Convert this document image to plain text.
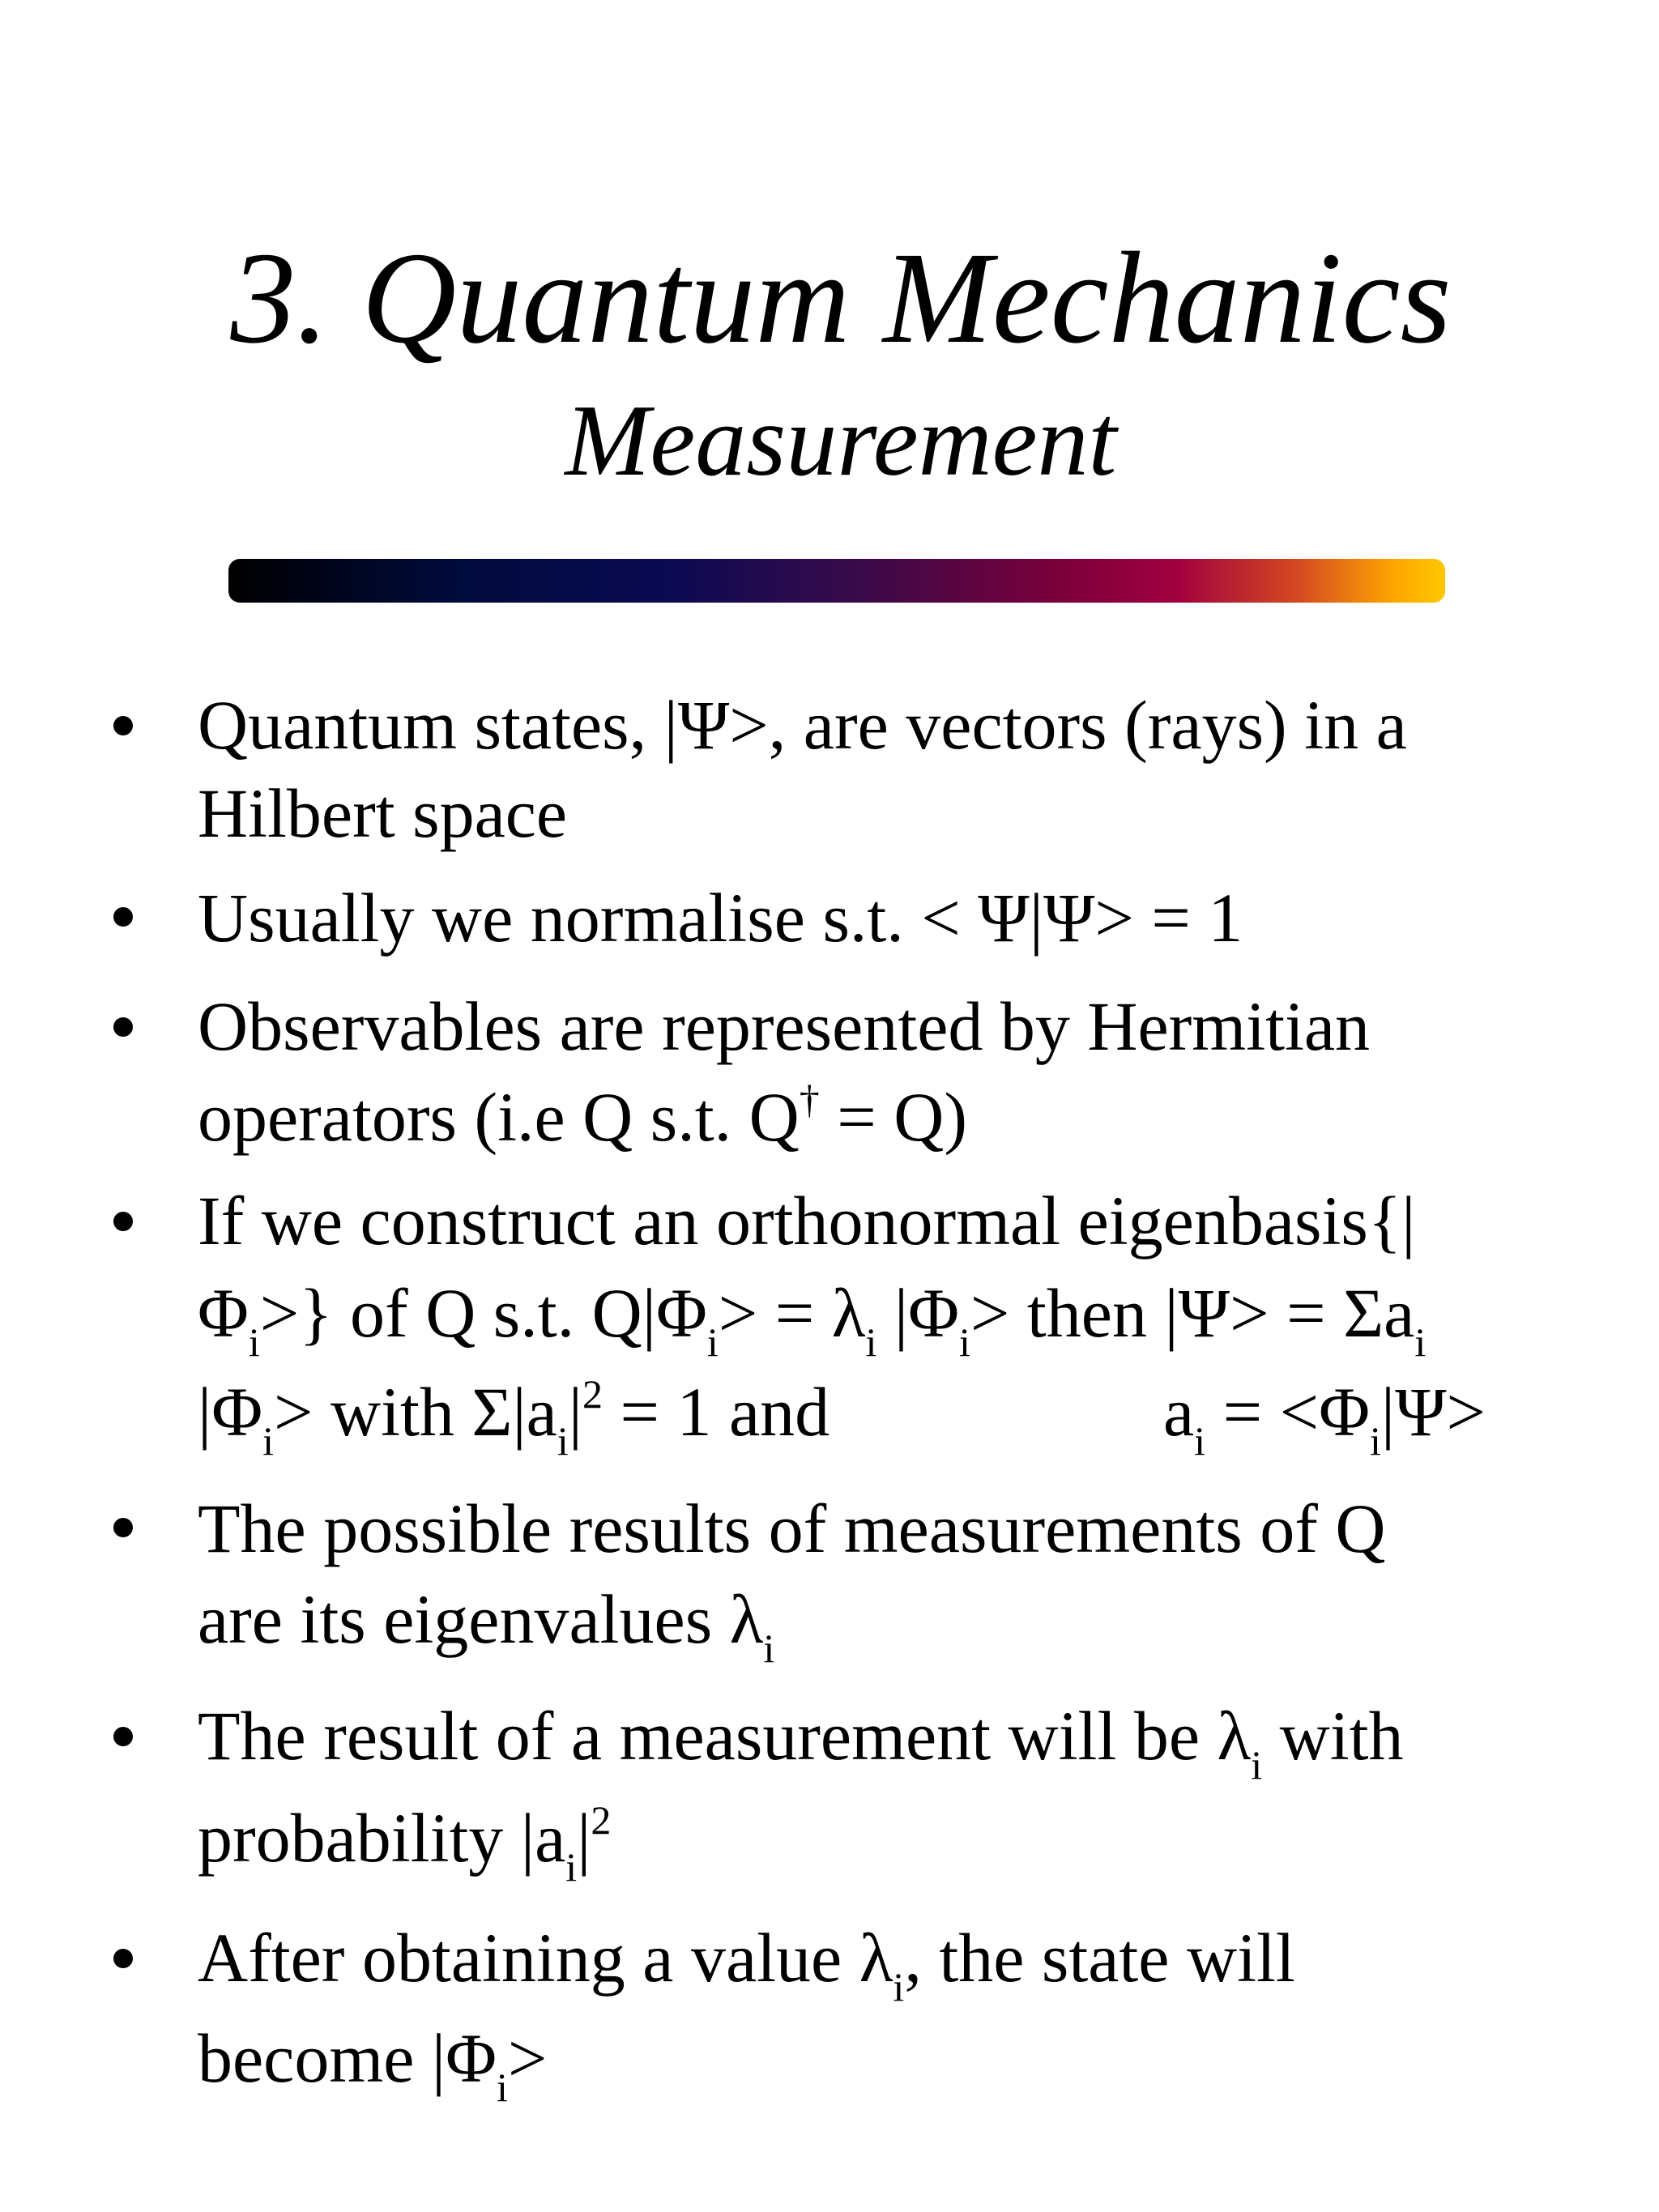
3. Quantum Mechanics
Measurement
Quantum states, |Ψ>, are vectors (rays) in a
Hilbert space
Usually we normalise s.t. < Ψ|Ψ> = 1
Observables are represented by Hermitian
operators (i.e Q s.t. Q† = Q)
If we construct an orthonormal eigenbasis{|
$\Phi_i>$} of Q s.t. $Q|\Phi_i> = \lambda_i$ $|\Phi_i>$ then $|\Psi> = \Sigma a_i$
$|\Phi_i>$ with $\Sigma|a_i|^2 = 1$ and	$a_i = <\Phi_i|\Psi>$
The possible results of measurements of Q
are its eigenvalues $\lambda_i$
The result of a measurement will be $\lambda_i$ with
probability $|a_i|^2$
After obtaining a value $\lambda_i$, the state will
become $|\Phi_i>$
